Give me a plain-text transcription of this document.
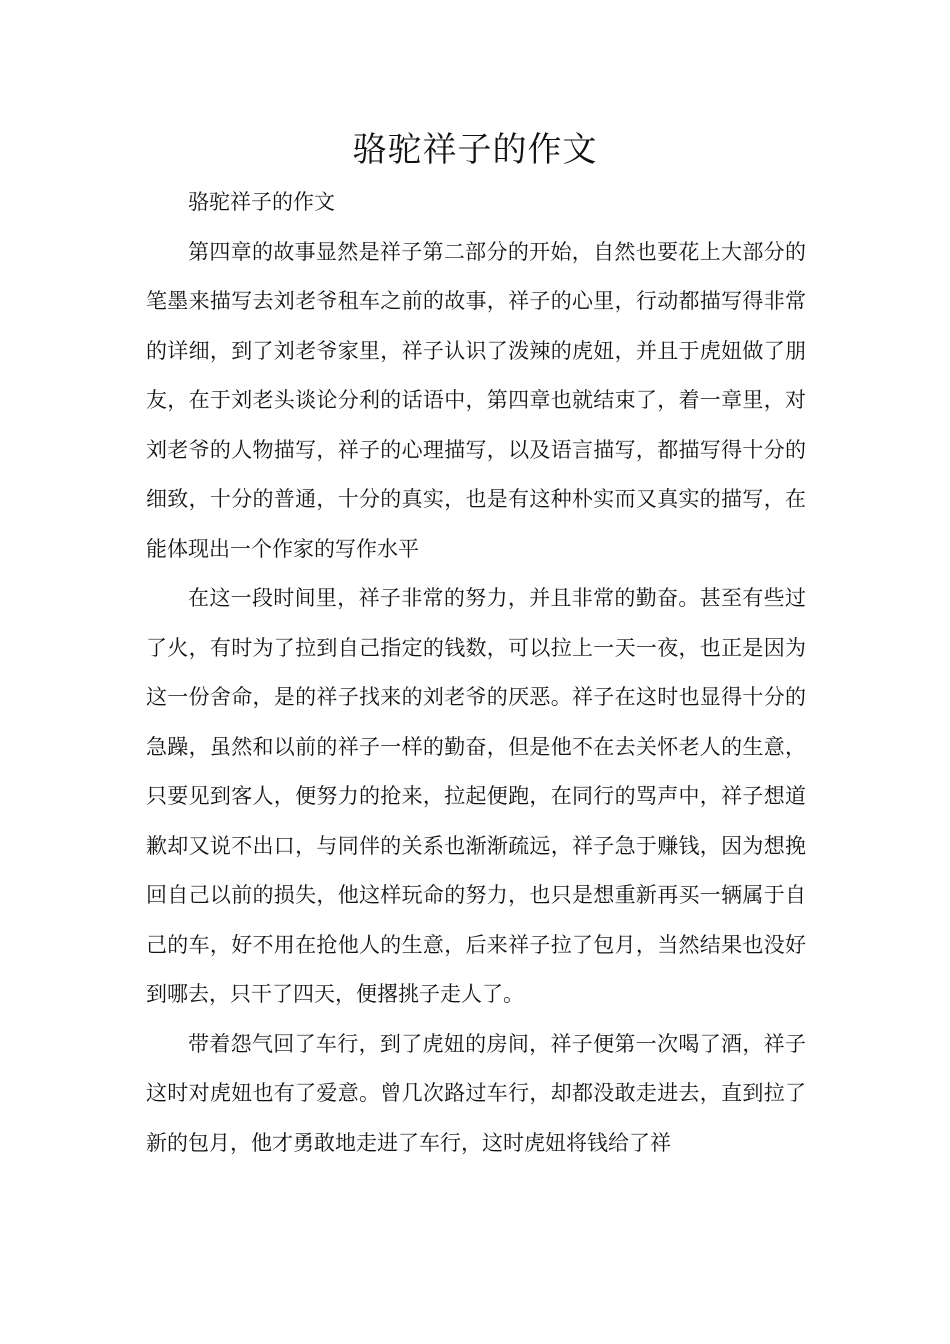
骆驼祥子的作文

骆驼祥子的作文

第四章的故事显然是祥子第二部分的开始，自然也要花上大部分的笔墨来描写去刘老爷租车之前的故事，祥子的心里，行动都描写得非常的详细，到了刘老爷家里，祥子认识了泼辣的虎妞，并且于虎妞做了朋友，在于刘老头谈论分利的话语中，第四章也就结束了，着一章里，对刘老爷的人物描写，祥子的心理描写，以及语言描写，都描写得十分的细致，十分的普通，十分的真实，也是有这种朴实而又真实的描写，在能体现出一个作家的写作水平

在这一段时间里，祥子非常的努力，并且非常的勤奋。甚至有些过了火，有时为了拉到自己指定的钱数，可以拉上一天一夜，也正是因为这一份舍命，是的祥子找来的刘老爷的厌恶。祥子在这时也显得十分的急躁，虽然和以前的祥子一样的勤奋，但是他不在去关怀老人的生意，只要见到客人，便努力的抢来，拉起便跑，在同行的骂声中，祥子想道歉却又说不出口，与同伴的关系也渐渐疏远，祥子急于赚钱，因为想挽回自己以前的损失，他这样玩命的努力，也只是想重新再买一辆属于自己的车，好不用在抢他人的生意，后来祥子拉了包月，当然结果也没好到哪去，只干了四天，便撂挑子走人了。

带着怨气回了车行，到了虎妞的房间，祥子便第一次喝了酒，祥子这时对虎妞也有了爱意。曾几次路过车行，却都没敢走进去，直到拉了新的包月，他才勇敢地走进了车行，这时虎妞将钱给了祥
